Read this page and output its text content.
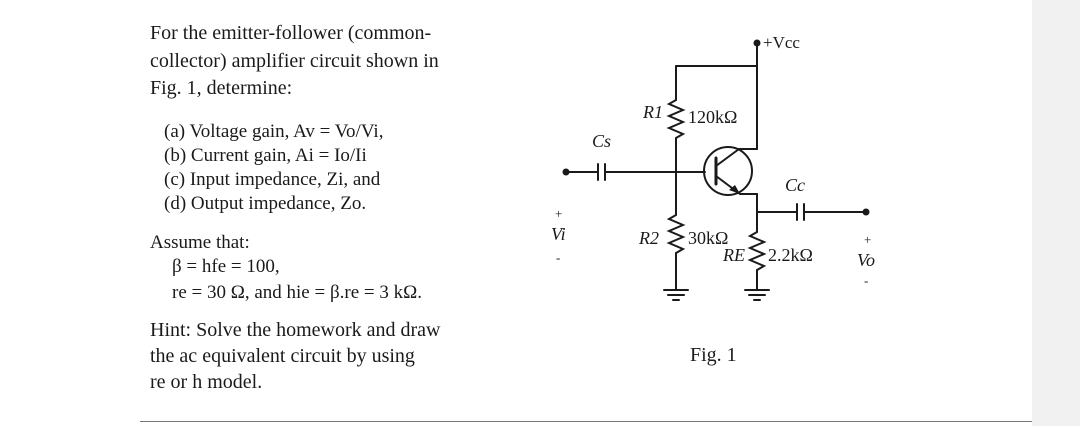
For the emitter-follower (common-
collector) amplifier circuit shown in
Fig. 1, determine:
(a) Voltage gain, Av = Vo/Vi,
(b) Current gain, Ai = Io/Ii
(c) Input impedance, Zi, and
(d) Output impedance, Zo.
Assume that:
β = hfe = 100,
re = 30 Ω, and hie = β.re = 3 kΩ.
Hint: Solve the homework and draw
the ac equivalent circuit by using
re or h model.
+Vcc
R1 120kΩ
Cs
Cc
R2 30kΩ
RE 2.2kΩ
+
Vi
-
+
Vo
-
Fig. 1
